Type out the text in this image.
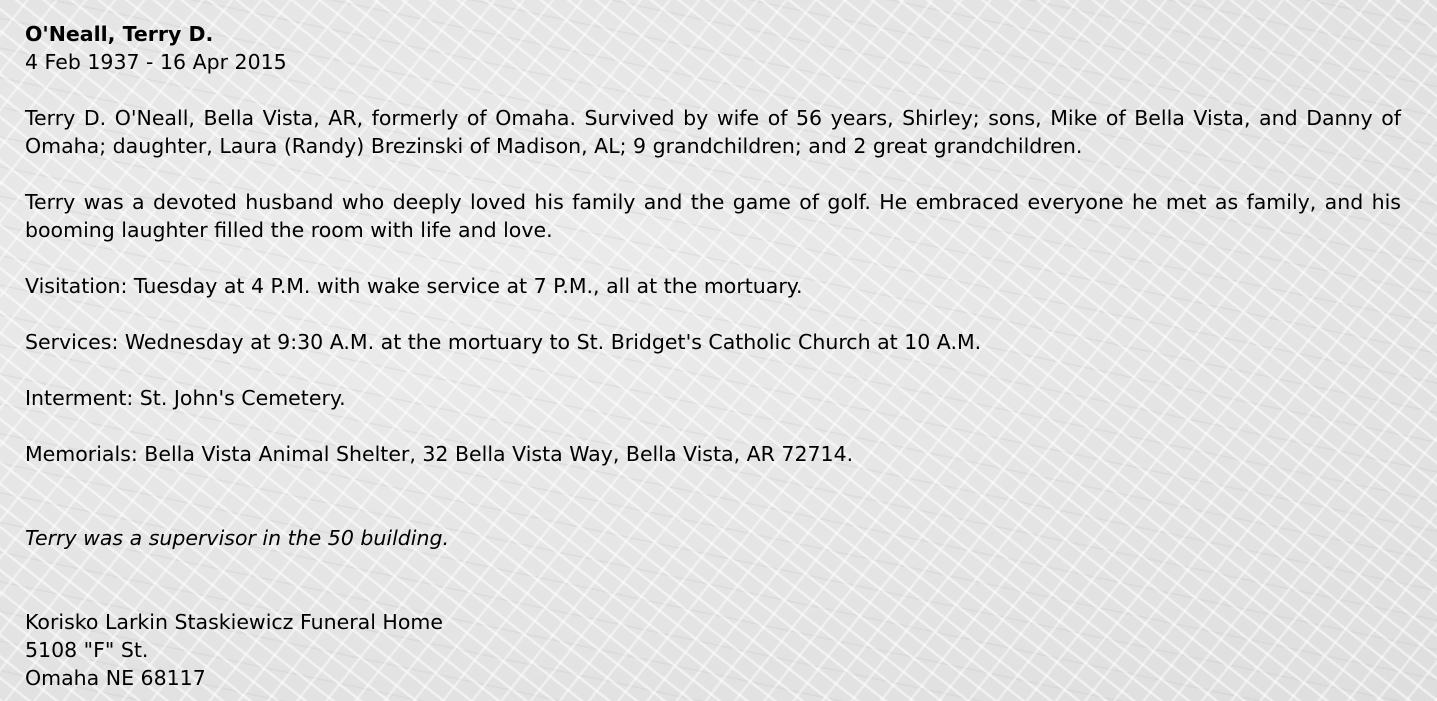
O'Neall, Terry D.
4 Feb 1937 - 16 Apr 2015

Terry D. O'Neall, Bella Vista, AR, formerly of Omaha. Survived by wife of 56 years, Shirley; sons, Mike of Bella Vista, and Danny of Omaha; daughter, Laura (Randy) Brezinski of Madison, AL; 9 grandchildren; and 2 great grandchildren.

Terry was a devoted husband who deeply loved his family and the game of golf. He embraced everyone he met as family, and his booming laughter filled the room with life and love.

Visitation: Tuesday at 4 P.M. with wake service at 7 P.M., all at the mortuary.

Services: Wednesday at 9:30 A.M. at the mortuary to St. Bridget's Catholic Church at 10 A.M.

Interment: St. John's Cemetery.

Memorials: Bella Vista Animal Shelter, 32 Bella Vista Way, Bella Vista, AR 72714.

Terry was a supervisor in the 50 building.

Korisko Larkin Staskiewicz Funeral Home
5108 "F" St.
Omaha NE 68117
